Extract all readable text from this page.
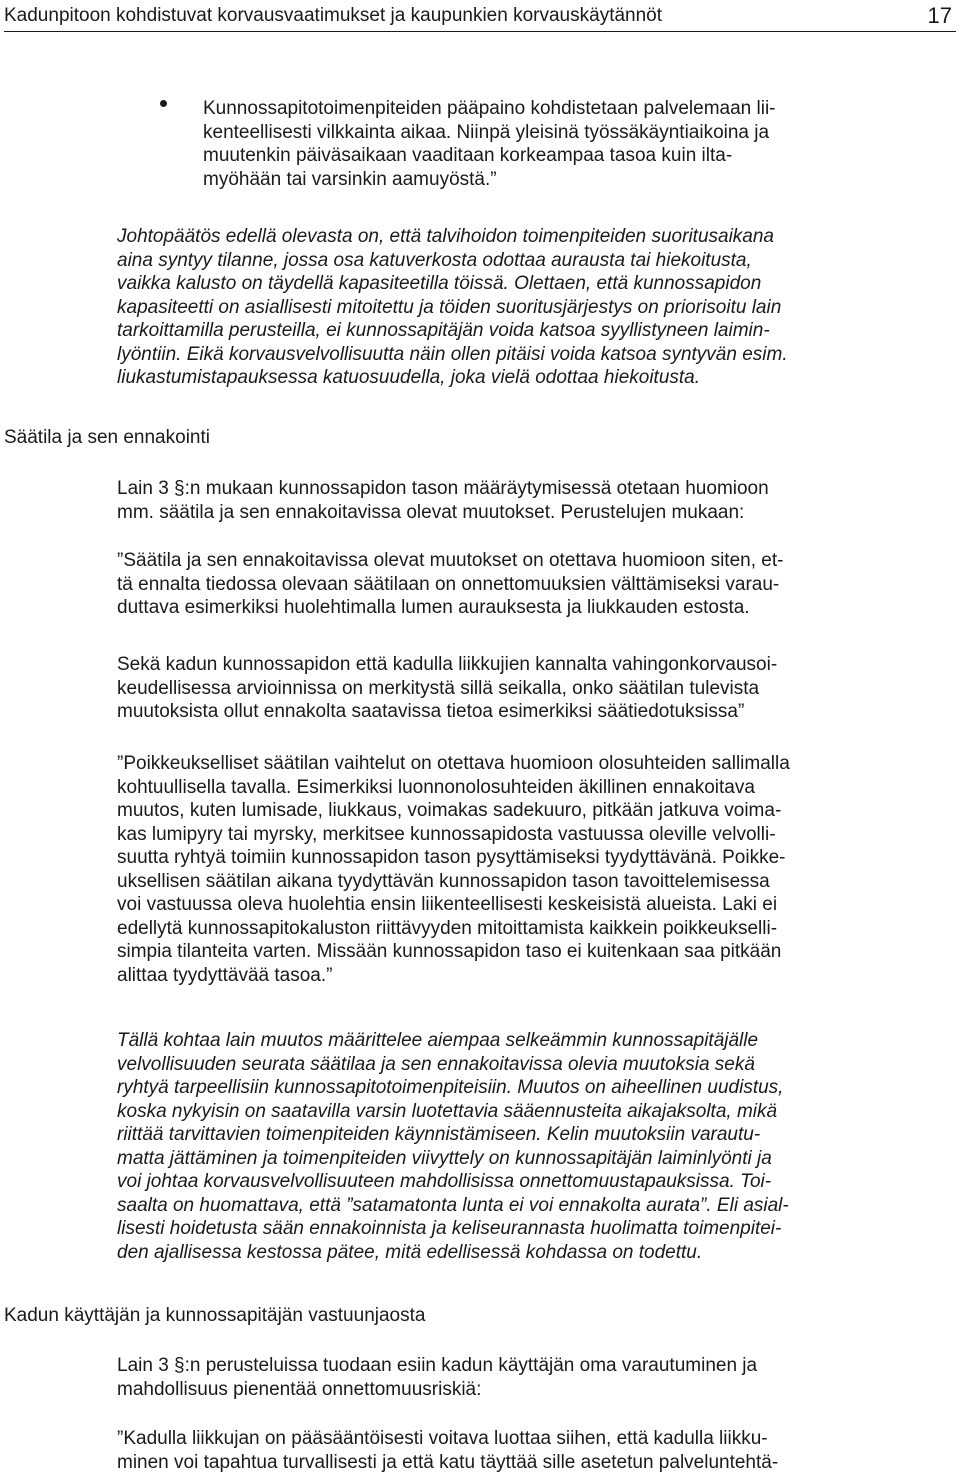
Kadunpitoon kohdistuvat korvausvaatimukset ja kaupunkien korvauskäytännöt	17

Kunnossapitotoimenpiteiden pääpaino kohdistetaan palvelemaan lii-
kenteellisesti vilkkainta aikaa. Niinpä yleisinä työssäkäyntiaikoina ja
muutenkin päiväsaikaan vaaditaan korkeampaa tasoa kuin ilta-
myöhään tai varsinkin aamuyöstä.”

Johtopäätös edellä olevasta on, että talvihoidon toimenpiteiden suoritusaikana
aina syntyy tilanne, jossa osa katuverkosta odottaa aurausta tai hiekoitusta,
vaikka kalusto on täydellä kapasiteetilla töissä. Olettaen, että kunnossapidon
kapasiteetti on asiallisesti mitoitettu ja töiden suoritusjärjestys on priorisoitu lain
tarkoittamilla perusteilla, ei kunnossapitäjän voida katsoa syyllistyneen laimin-
lyöntiin. Eikä korvausvelvollisuutta näin ollen pitäisi voida katsoa syntyvän esim.
liukastumistapauksessa katuosuudella, joka vielä odottaa hiekoitusta.

Säätila ja sen ennakointi

Lain 3 §:n mukaan kunnossapidon tason määräytymisessä otetaan huomioon
mm. säätila ja sen ennakoitavissa olevat muutokset. Perustelujen mukaan:

”Säätila ja sen ennakoitavissa olevat muutokset on otettava huomioon siten, et-
tä ennalta tiedossa olevaan säätilaan on onnettomuuksien välttämiseksi varau-
duttava esimerkiksi huolehtimalla lumen aurauksesta ja liukkauden estosta.

Sekä kadun kunnossapidon että kadulla liikkujien kannalta vahingonkorvausoi-
keudellisessa arvioinnissa on merkitystä sillä seikalla, onko säätilan tulevista
muutoksista ollut ennakolta saatavissa tietoa esimerkiksi säätiedotuksissa”

”Poikkeukselliset säätilan vaihtelut on otettava huomioon olosuhteiden sallimalla
kohtuullisella tavalla. Esimerkiksi luonnonolosuhteiden äkillinen ennakoitava
muutos, kuten lumisade, liukkaus, voimakas sadekuuro, pitkään jatkuva voima-
kas lumipyry tai myrsky, merkitsee kunnossapidosta vastuussa oleville velvolli-
suutta ryhtyä toimiin kunnossapidon tason pysyttämiseksi tyydyttävänä. Poikke-
uksellisen säätilan aikana tyydyttävän kunnossapidon tason tavoittelemisessa
voi vastuussa oleva huolehtia ensin liikenteellisesti keskeisistä alueista. Laki ei
edellytä kunnossapitokaluston riittävyyden mitoittamista kaikkein poikkeukselli-
simpia tilanteita varten. Missään kunnossapidon taso ei kuitenkaan saa pitkään
alittaa tyydyttävää tasoa.”

Tällä kohtaa lain muutos määrittelee aiempaa selkeämmin kunnossapitäjälle
velvollisuuden seurata säätilaa ja sen ennakoitavissa olevia muutoksia sekä
ryhtyä tarpeellisiin kunnossapitotoimenpiteisiin. Muutos on aiheellinen uudistus,
koska nykyisin on saatavilla varsin luotettavia sääennusteita aikajaksolta, mikä
riittää tarvittavien toimenpiteiden käynnistämiseen. Kelin muutoksiin varautu-
matta jättäminen ja toimenpiteiden viivyttely on kunnossapitäjän laiminlyönti ja
voi johtaa korvausvelvollisuuteen mahdollisissa onnettomuustapauksissa. Toi-
saalta on huomattava, että ”satamatonta lunta ei voi ennakolta aurata”. Eli asial-
lisesti hoidetusta sään ennakoinnista ja keliseurannasta huolimatta toimenpitei-
den ajallisessa kestossa pätee, mitä edellisessä kohdassa on todettu.

Kadun käyttäjän ja kunnossapitäjän vastuunjaosta

Lain 3 §:n perusteluissa tuodaan esiin kadun käyttäjän oma varautuminen ja
mahdollisuus pienentää onnettomuusriskiä:

”Kadulla liikkujan on pääsääntöisesti voitava luottaa siihen, että kadulla liikku-
minen voi tapahtua turvallisesti ja että katu täyttää sille asetetun palveluntehtä-
